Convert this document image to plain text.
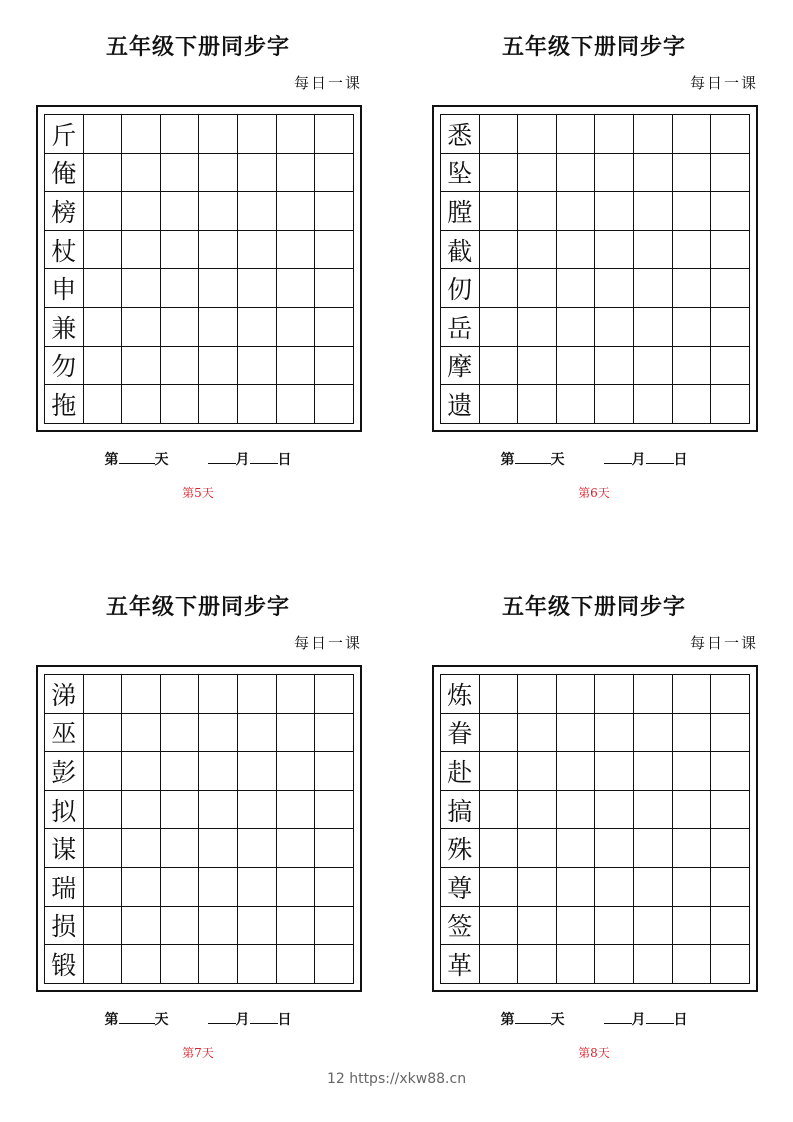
五年级下册同步字
每日一课
斤
俺
榜
杖
申
兼
勿
拖
第	天	月 日
第5天
五年级下册同步字
每日一课
悉
坠
膛
截
仞
岳
摩
遗
第	天	月 日
第6天
五年级下册同步字
每日一课
涕
巫
彭
拟
谋
瑞
损
锻
第	天	月 日
第7天
五年级下册同步字
每日一课
炼
眷
赴
搞
殊
尊
签
革
第	天	月 日
第8天
12 https://xkw88.cn
